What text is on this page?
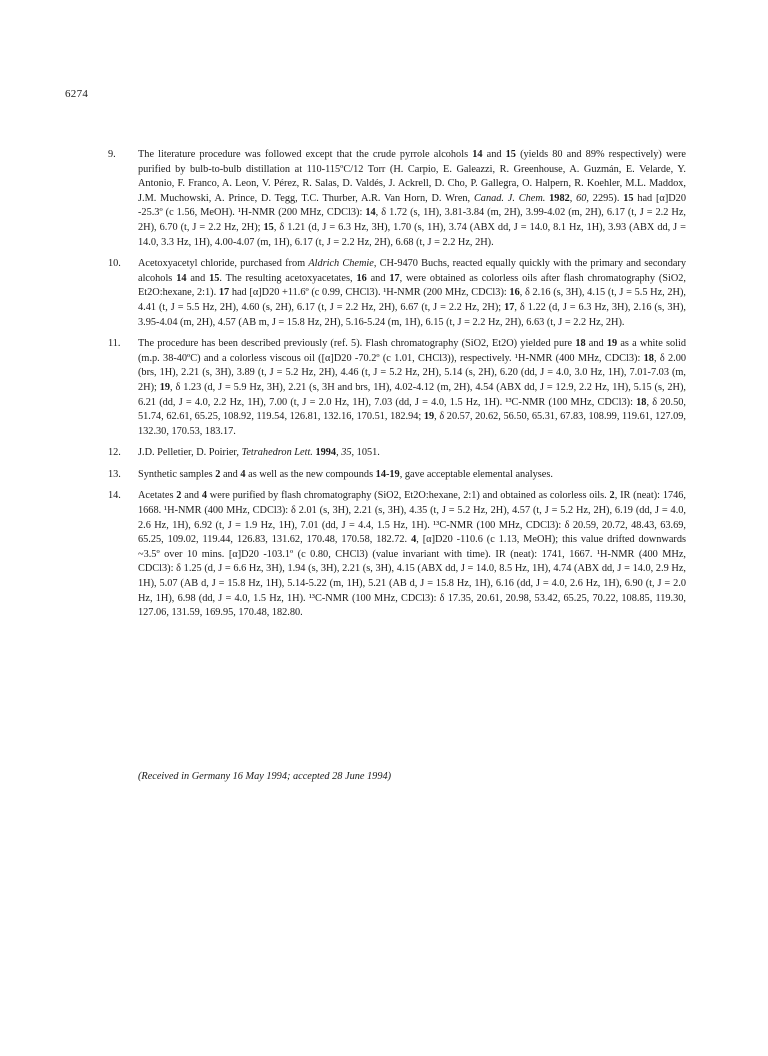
6274
9. The literature procedure was followed except that the crude pyrrole alcohols 14 and 15 (yields 80 and 89% respectively) were purified by bulb-to-bulb distillation at 110-115ºC/12 Torr (H. Carpio, E. Galeazzi, R. Greenhouse, A. Guzmán, E. Velarde, Y. Antonio, F. Franco, A. Leon, V. Pérez, R. Salas, D. Valdés, J. Ackrell, D. Cho, P. Gallegra, O. Halpern, R. Koehler, M.L. Maddox, J.M. Muchowski, A. Prince, D. Tegg, T.C. Thurber, A.R. Van Horn, D. Wren, Canad. J. Chem. 1982, 60, 2295). 15 had [α]D20 -25.3º (c 1.56, MeOH). ¹H-NMR (200 MHz, CDCl3): 14, δ 1.72 (s, 1H), 3.81-3.84 (m, 2H), 3.99-4.02 (m, 2H), 6.17 (t, J = 2.2 Hz, 2H), 6.70 (t, J = 2.2 Hz, 2H); 15, δ 1.21 (d, J = 6.3 Hz, 3H), 1.70 (s, 1H), 3.74 (ABX dd, J = 14.0, 8.1 Hz, 1H), 3.93 (ABX dd, J = 14.0, 3.3 Hz, 1H), 4.00-4.07 (m, 1H), 6.17 (t, J = 2.2 Hz, 2H), 6.68 (t, J = 2.2 Hz, 2H).
10. Acetoxyacetyl chloride, purchased from Aldrich Chemie, CH-9470 Buchs, reacted equally quickly with the primary and secondary alcohols 14 and 15. The resulting acetoxyacetates, 16 and 17, were obtained as colorless oils after flash chromatography (SiO2, Et2O:hexane, 2:1). 17 had [α]D20 +11.6º (c 0.99, CHCl3). ¹H-NMR (200 MHz, CDCl3): 16, δ 2.16 (s, 3H), 4.15 (t, J = 5.5 Hz, 2H), 4.41 (t, J = 5.5 Hz, 2H), 4.60 (s, 2H), 6.17 (t, J = 2.2 Hz, 2H), 6.67 (t, J = 2.2 Hz, 2H); 17, δ 1.22 (d, J = 6.3 Hz, 3H), 2.16 (s, 3H), 3.95-4.04 (m, 2H), 4.57 (AB m, J = 15.8 Hz, 2H), 5.16-5.24 (m, 1H), 6.15 (t, J = 2.2 Hz, 2H), 6.63 (t, J = 2.2 Hz, 2H).
11. The procedure has been described previously (ref. 5). Flash chromatography (SiO2, Et2O) yielded pure 18 and 19 as a white solid (m.p. 38-40ºC) and a colorless viscous oil ([α]D20 -70.2º (c 1.01, CHCl3)), respectively. ¹H-NMR (400 MHz, CDCl3): 18, δ 2.00 (brs, 1H), 2.21 (s, 3H), 3.89 (t, J = 5.2 Hz, 2H), 4.46 (t, J = 5.2 Hz, 2H), 5.14 (s, 2H), 6.20 (dd, J = 4.0, 3.0 Hz, 1H), 7.01-7.03 (m, 2H); 19, δ 1.23 (d, J = 5.9 Hz, 3H), 2.21 (s, 3H and brs, 1H), 4.02-4.12 (m, 2H), 4.54 (ABX dd, J = 12.9, 2.2 Hz, 1H), 5.15 (s, 2H), 6.21 (dd, J = 4.0, 2.2 Hz, 1H), 7.00 (t, J = 2.0 Hz, 1H), 7.03 (dd, J = 4.0, 1.5 Hz, 1H). ¹³C-NMR (100 MHz, CDCl3): 18, δ 20.50, 51.74, 62.61, 65.25, 108.92, 119.54, 126.81, 132.16, 170.51, 182.94; 19, δ 20.57, 20.62, 56.50, 65.31, 67.83, 108.99, 119.61, 127.09, 132.30, 170.53, 183.17.
12. J.D. Pelletier, D. Poirier, Tetrahedron Lett. 1994, 35, 1051.
13. Synthetic samples 2 and 4 as well as the new compounds 14-19, gave acceptable elemental analyses.
14. Acetates 2 and 4 were purified by flash chromatography (SiO2, Et2O:hexane, 2:1) and obtained as colorless oils. 2, IR (neat): 1746, 1668. ¹H-NMR (400 MHz, CDCl3): δ 2.01 (s, 3H), 2.21 (s, 3H), 4.35 (t, J = 5.2 Hz, 2H), 4.57 (t, J = 5.2 Hz, 2H), 6.19 (dd, J = 4.0, 2.6 Hz, 1H), 6.92 (t, J = 1.9 Hz, 1H), 7.01 (dd, J = 4.4, 1.5 Hz, 1H). ¹³C-NMR (100 MHz, CDCl3): δ 20.59, 20.72, 48.43, 63.69, 65.25, 109.02, 119.44, 126.83, 131.62, 170.48, 170.58, 182.72. 4, [α]D20 -110.6 (c 1.13, MeOH); this value drifted downwards ~3.5º over 10 mins. [α]D20 -103.1º (c 0.80, CHCl3) (value invariant with time). IR (neat): 1741, 1667. ¹H-NMR (400 MHz, CDCl3): δ 1.25 (d, J = 6.6 Hz, 3H), 1.94 (s, 3H), 2.21 (s, 3H), 4.15 (ABX dd, J = 14.0, 8.5 Hz, 1H), 4.74 (ABX dd, J = 14.0, 2.9 Hz, 1H), 5.07 (AB d, J = 15.8 Hz, 1H), 5.14-5.22 (m, 1H), 5.21 (AB d, J = 15.8 Hz, 1H), 6.16 (dd, J = 4.0, 2.6 Hz, 1H), 6.90 (t, J = 2.0 Hz, 1H), 6.98 (dd, J = 4.0, 1.5 Hz, 1H). ¹³C-NMR (100 MHz, CDCl3): δ 17.35, 20.61, 20.98, 53.42, 65.25, 70.22, 108.85, 119.30, 127.06, 131.59, 169.95, 170.48, 182.80.
(Received in Germany 16 May 1994; accepted 28 June 1994)
